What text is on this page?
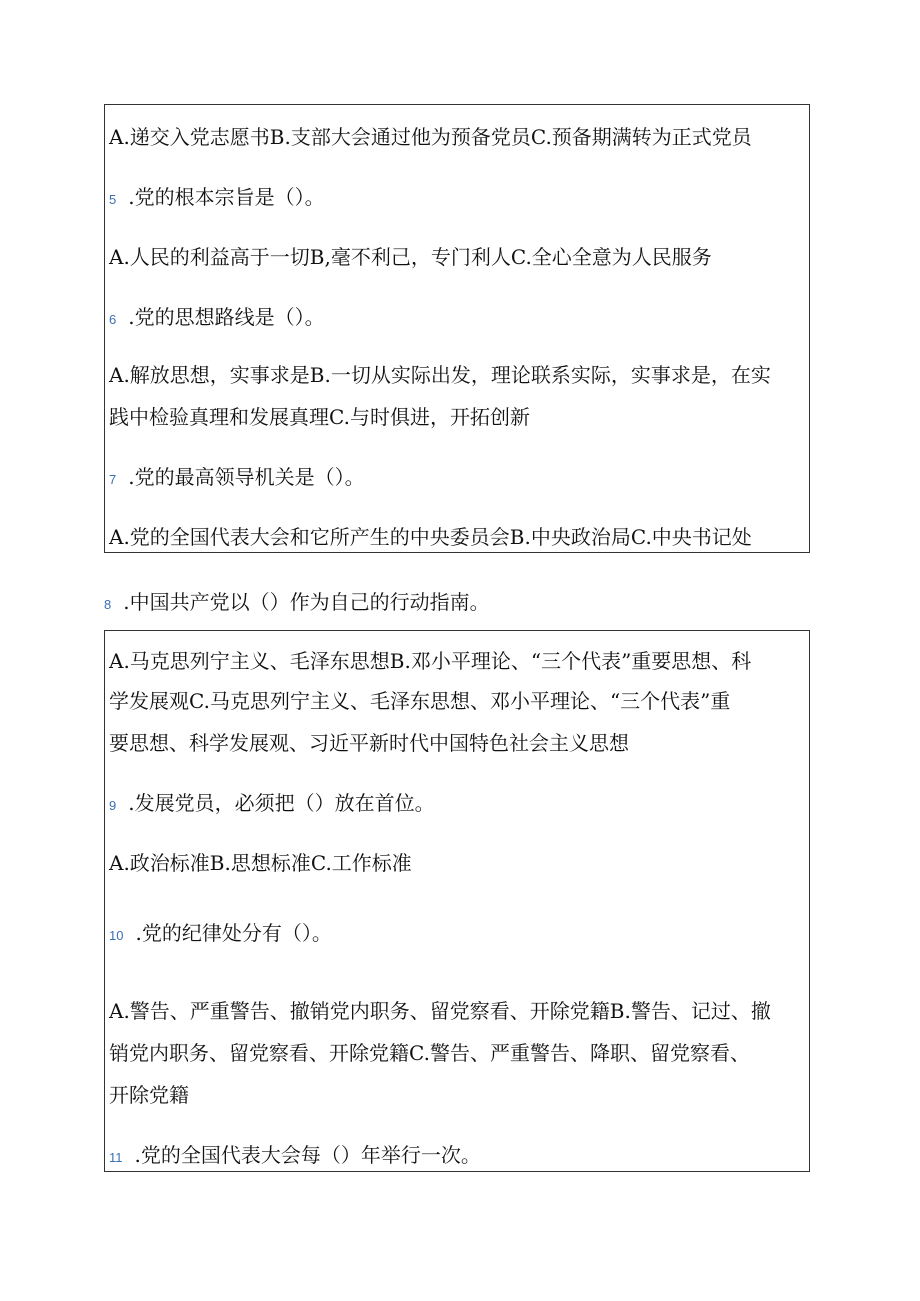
A.递交入党志愿书B.支部大会通过他为预备党员C.预备期满转为正式党员
5 .党的根本宗旨是（）。
A.人民的利益高于一切B,毫不利己，专门利人C.全心全意为人民服务
6 .党的思想路线是（）。
A.解放思想，实事求是B.一切从实际出发，理论联系实际，实事求是，在实
践中检验真理和发展真理C.与时俱进，开拓创新
7 .党的最高领导机关是（）。
A.党的全国代表大会和它所产生的中央委员会B.中央政治局C.中央书记处
8 .中国共产党以（）作为自己的行动指南。
A.马克思列宁主义、毛泽东思想B.邓小平理论、“三个代表”重要思想、科
学发展观C.马克思列宁主义、毛泽东思想、邓小平理论、“三个代表”重
要思想、科学发展观、习近平新时代中国特色社会主义思想
9 .发展党员，必须把（）放在首位。
A.政治标准B.思想标准C.工作标准
10 .党的纪律处分有（）。
A.警告、严重警告、撤销党内职务、留党察看、开除党籍B.警告、记过、撤
销党内职务、留党察看、开除党籍C.警告、严重警告、降职、留党察看、
开除党籍
11 .党的全国代表大会每（）年举行一次。
